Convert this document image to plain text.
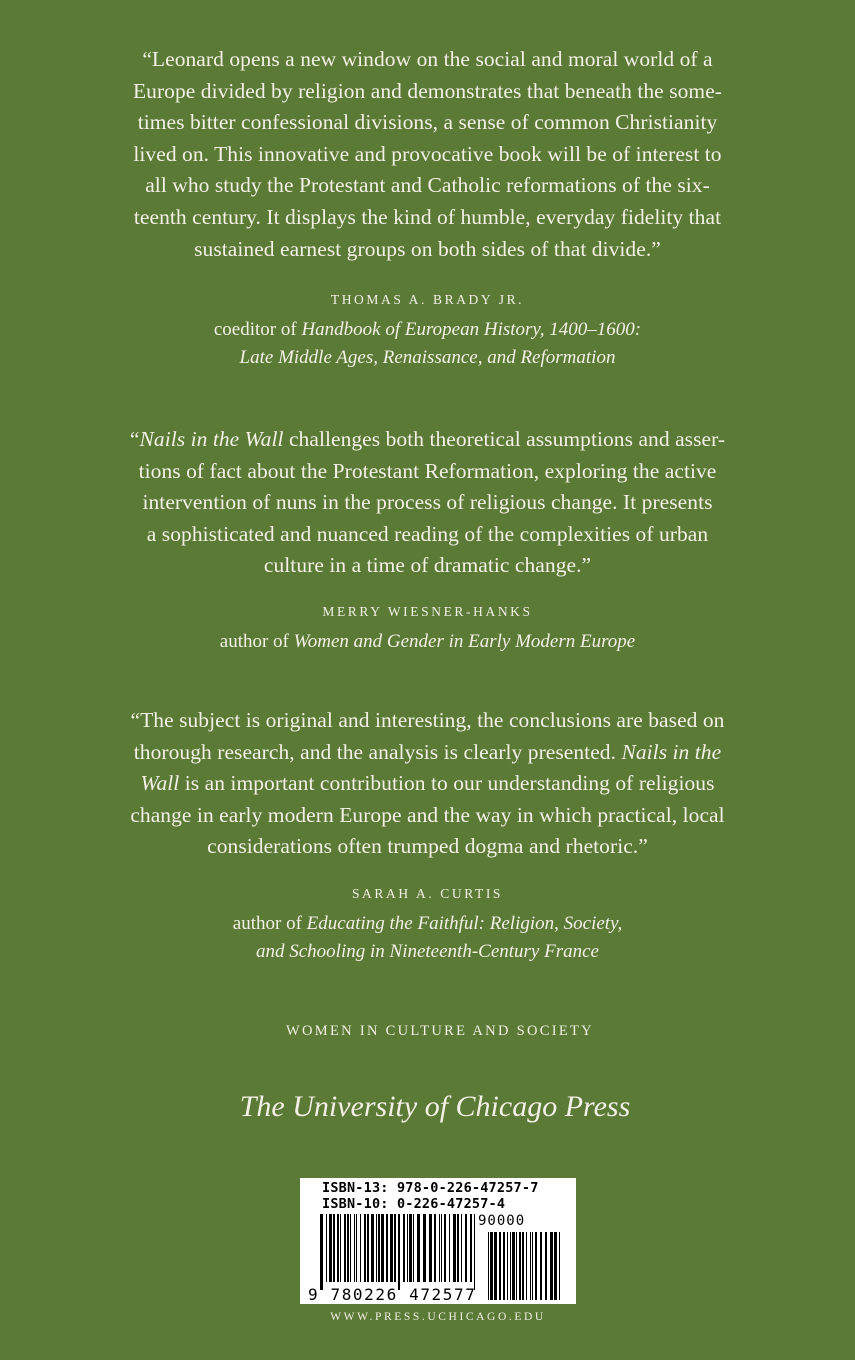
“Leonard opens a new window on the social and moral world of a
Europe divided by religion and demonstrates that beneath the some-
times bitter confessional divisions, a sense of common Christianity
lived on. This innovative and provocative book will be of interest to
all who study the Protestant and Catholic reformations of the six-
teenth century. It displays the kind of humble, everyday fidelity that
sustained earnest groups on both sides of that divide.”
THOMAS A. BRADY JR.
coeditor of Handbook of European History, 1400–1600:
Late Middle Ages, Renaissance, and Reformation
“Nails in the Wall challenges both theoretical assumptions and asser-
tions of fact about the Protestant Reformation, exploring the active
intervention of nuns in the process of religious change. It presents
a sophisticated and nuanced reading of the complexities of urban
culture in a time of dramatic change.”
MERRY WIESNER-HANKS
author of Women and Gender in Early Modern Europe
“The subject is original and interesting, the conclusions are based on
thorough research, and the analysis is clearly presented. Nails in the
Wall is an important contribution to our understanding of religious
change in early modern Europe and the way in which practical, local
considerations often trumped dogma and rhetoric.”
SARAH A. CURTIS
author of Educating the Faithful: Religion, Society,
and Schooling in Nineteenth-Century France
WOMEN IN CULTURE AND SOCIETY
The University of Chicago Press
ISBN-13: 978-0-226-47257-7
ISBN-10: 0-226-47257-4
90000
9 780226 472577
WWW.PRESS.UCHICAGO.EDU
